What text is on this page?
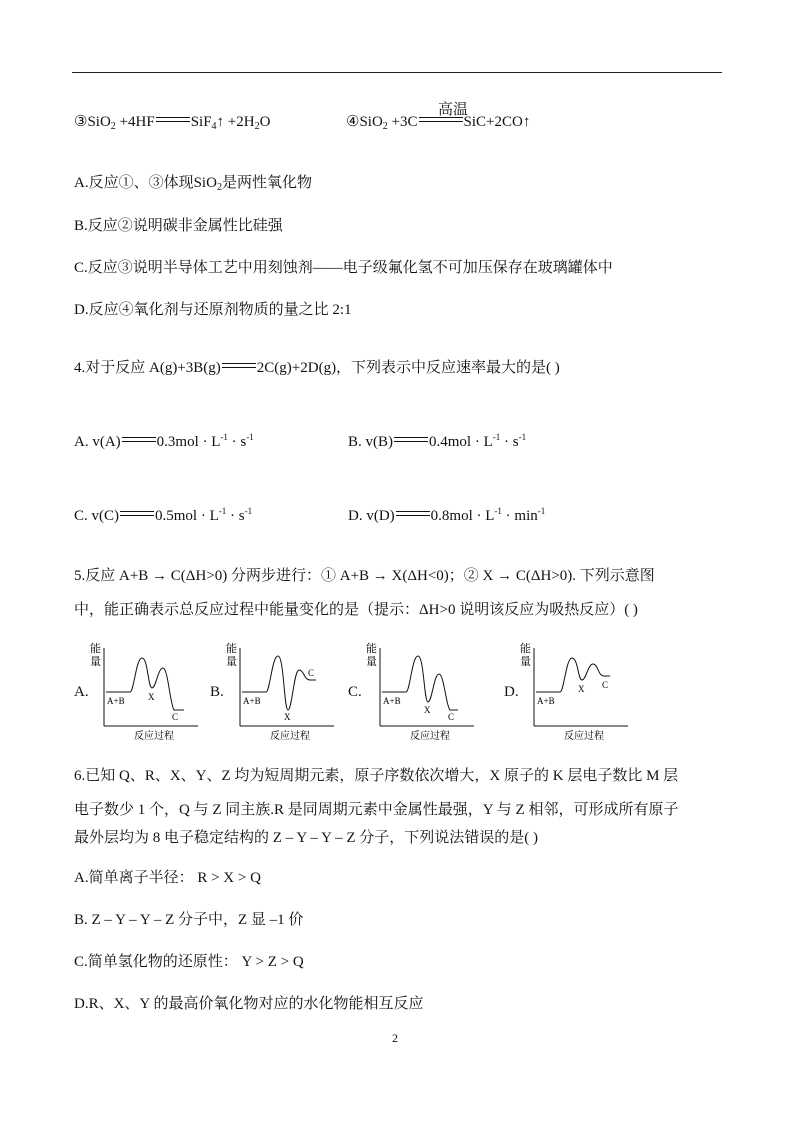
③SiO$_2$ +4HF SiF$_4$↑ $+2H_2O$
高温
④SiO$_2$ +3C	SiC+2CO↑
A.反应①、③体现SiO$_2$是两性氧化物
B.反应②说明碳非金属性比硅强
C.反应③说明半导体工艺中用刻蚀剂——电子级氟化氢不可加压保存在玻璃罐体中
D.反应④氧化剂与还原剂物质的量之比 2:1
4.对于反应 A(g)+3B(g) 2C(g)+2D(g)，下列表示中反应速率最大的是( )
A. v(A) $0.3mol \cdot L^{-1} \cdot s^{-1}$	B. v(B) $0.4mol \cdot L^{-1} \cdot s^{-1}$
C. v(C) $0.5mol \cdot L^{-1} \cdot s^{-1}$	D. v(D) $0.8mol \cdot L^{-1} \cdot \min^{-1}$
5.反应 A+B → C(ΔH>0) 分两步进行：① A+B → X(ΔH<0)；② X → C(ΔH>0). 下列示意图
中，能正确表示总反应过程中能量变化的是（提示：ΔH>0 说明该反应为吸热反应）( )
A.
能
量
A+B	X
C
反应过程
B.
能
量
A+B
X
C
反应过程
C.
能
量
A+B
X
C
反应过程
D.
能
量
A+B
X C
反应过程
6.已知 Q、R、X、Y、Z 均为短周期元素，原子序数依次增大，X 原子的 K 层电子数比 M 层
电子数少 1 个，Q 与 Z 同主族.R 是同周期元素中金属性最强，Y 与 Z 相邻，可形成所有原子
最外层均为 8 电子稳定结构的 Z – Y – Y – Z 分子，下列说法错误的是( )
A.简单离子半径： R > X > Q
B. Z – Y – Y – Z 分子中，Z 显 –1 价
C.简单氢化物的还原性： Y > Z > Q
D.R、X、Y 的最高价氧化物对应的水化物能相互反应
2
